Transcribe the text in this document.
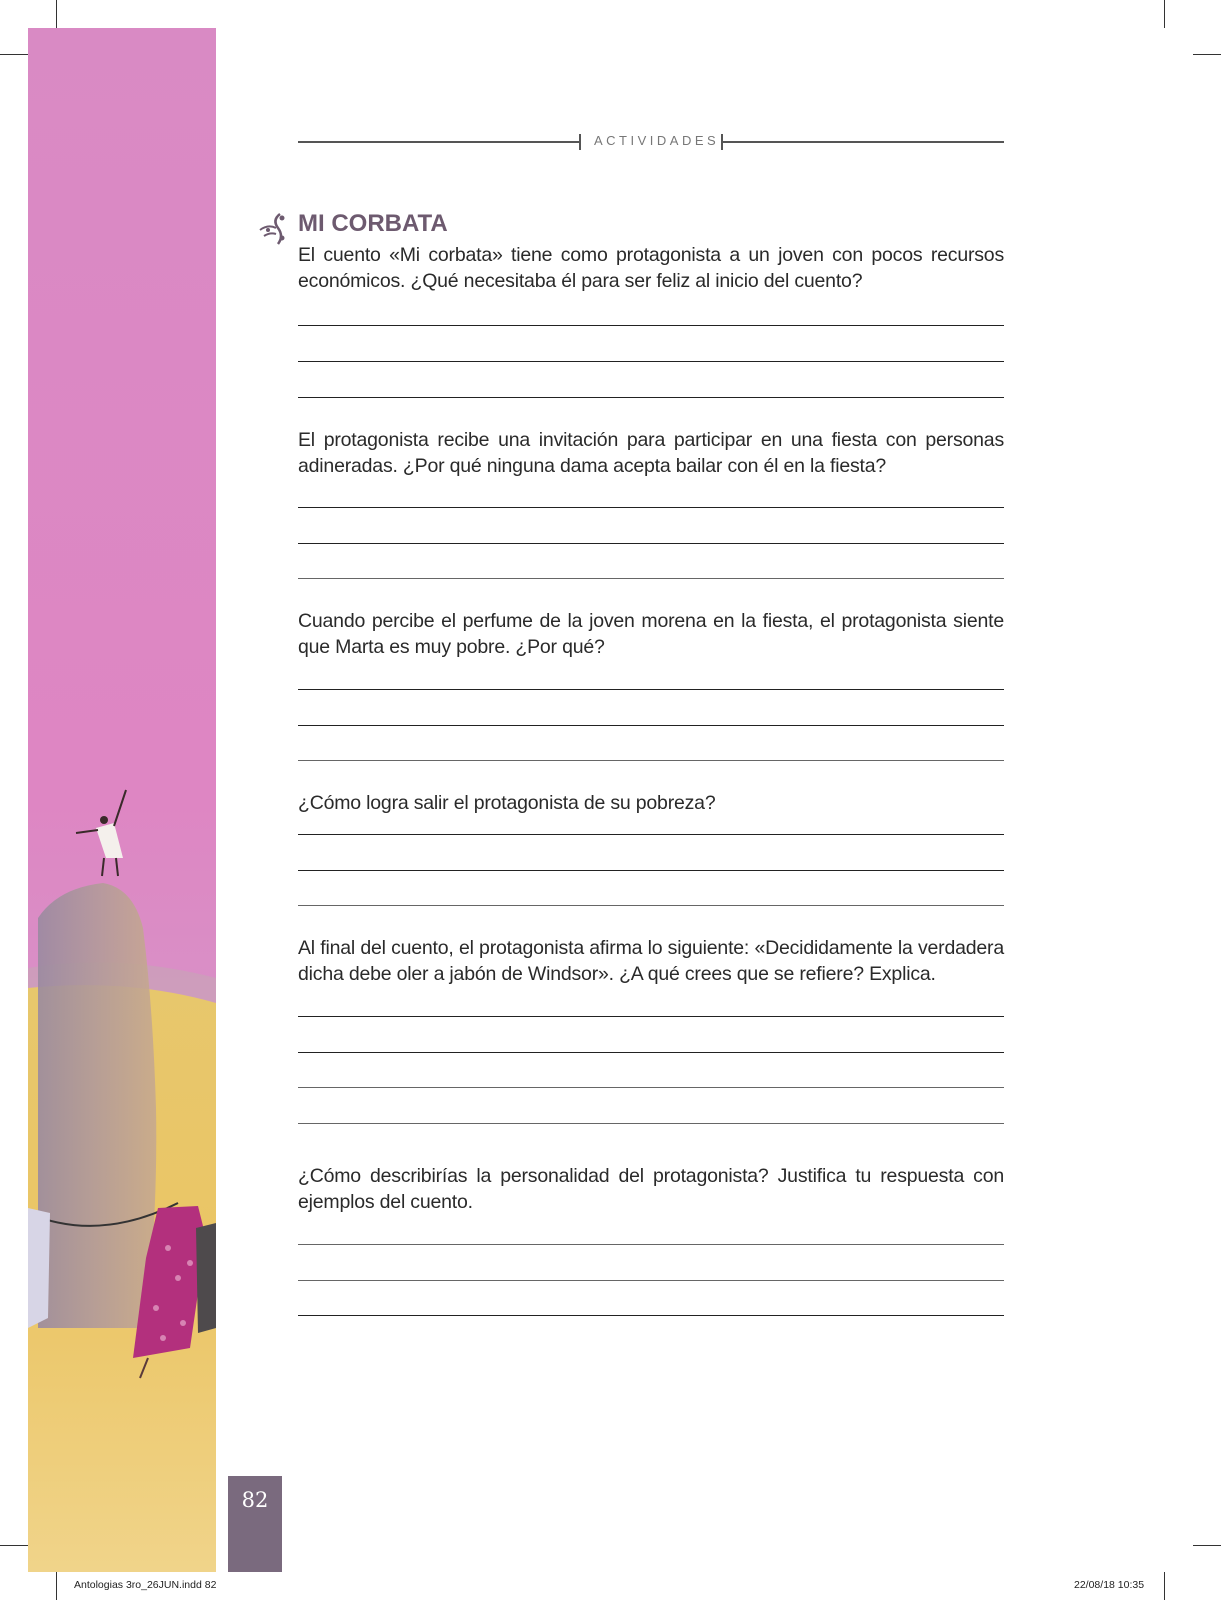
82
ACTIVIDADES
MI CORBATA
El cuento «Mi corbata» tiene como protagonista a un joven con pocos recursos económicos. ¿Qué necesitaba él para ser feliz al inicio del cuento?
El protagonista recibe una invitación para participar en una fiesta con personas adineradas. ¿Por qué ninguna dama acepta bailar con él en la fiesta?
Cuando percibe el perfume de la joven morena en la fiesta, el protagonista siente que Marta es muy pobre. ¿Por qué?
¿Cómo logra salir el protagonista de su pobreza?
Al final del cuento, el protagonista afirma lo siguiente: «Decididamente la verdadera dicha debe oler a jabón de Windsor». ¿A qué crees que se refiere? Explica.
¿Cómo describirías la personalidad del protagonista? Justifica tu respuesta con ejemplos del cuento.
Antologias 3ro_26JUN.indd 82	22/08/18 10:35
